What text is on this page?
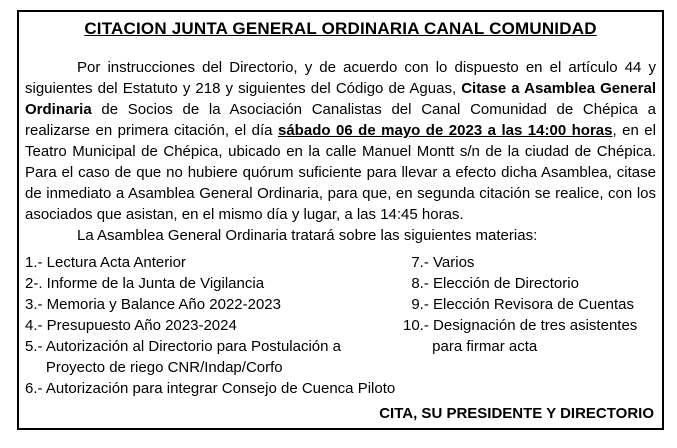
CITACION JUNTA GENERAL ORDINARIA CANAL COMUNIDAD

Por instrucciones del Directorio, y de acuerdo con lo dispuesto en el artículo 44 y siguientes del Estatuto y 218 y siguientes del Código de Aguas, Citase a Asamblea General Ordinaria de Socios de la Asociación Canalistas del Canal Comunidad de Chépica a realizarse en primera citación, el día sábado 06 de mayo de 2023 a las 14:00 horas, en el Teatro Municipal de Chépica, ubicado en la calle Manuel Montt s/n de la ciudad de Chépica. Para el caso de que no hubiere quórum suficiente para llevar a efecto dicha Asamblea, citase de inmediato a Asamblea General Ordinaria, para que, en segunda citación se realice, con los asociados que asistan, en el mismo día y lugar, a las 14:45 horas.

La Asamblea General Ordinaria tratará sobre las siguientes materias:

1.- Lectura Acta Anterior
2-. Informe de la Junta de Vigilancia
3.- Memoria y Balance Año 2022-2023
4.- Presupuesto Año 2023-2024
5.- Autorización al Directorio para Postulación a
Proyecto de riego CNR/Indap/Corfo
6.- Autorización para integrar Consejo de Cuenca Piloto
7.- Varios
8.- Elección de Directorio
9.- Elección Revisora de Cuentas
10.- Designación de tres asistentes
para firmar acta

CITA, SU PRESIDENTE Y DIRECTORIO
